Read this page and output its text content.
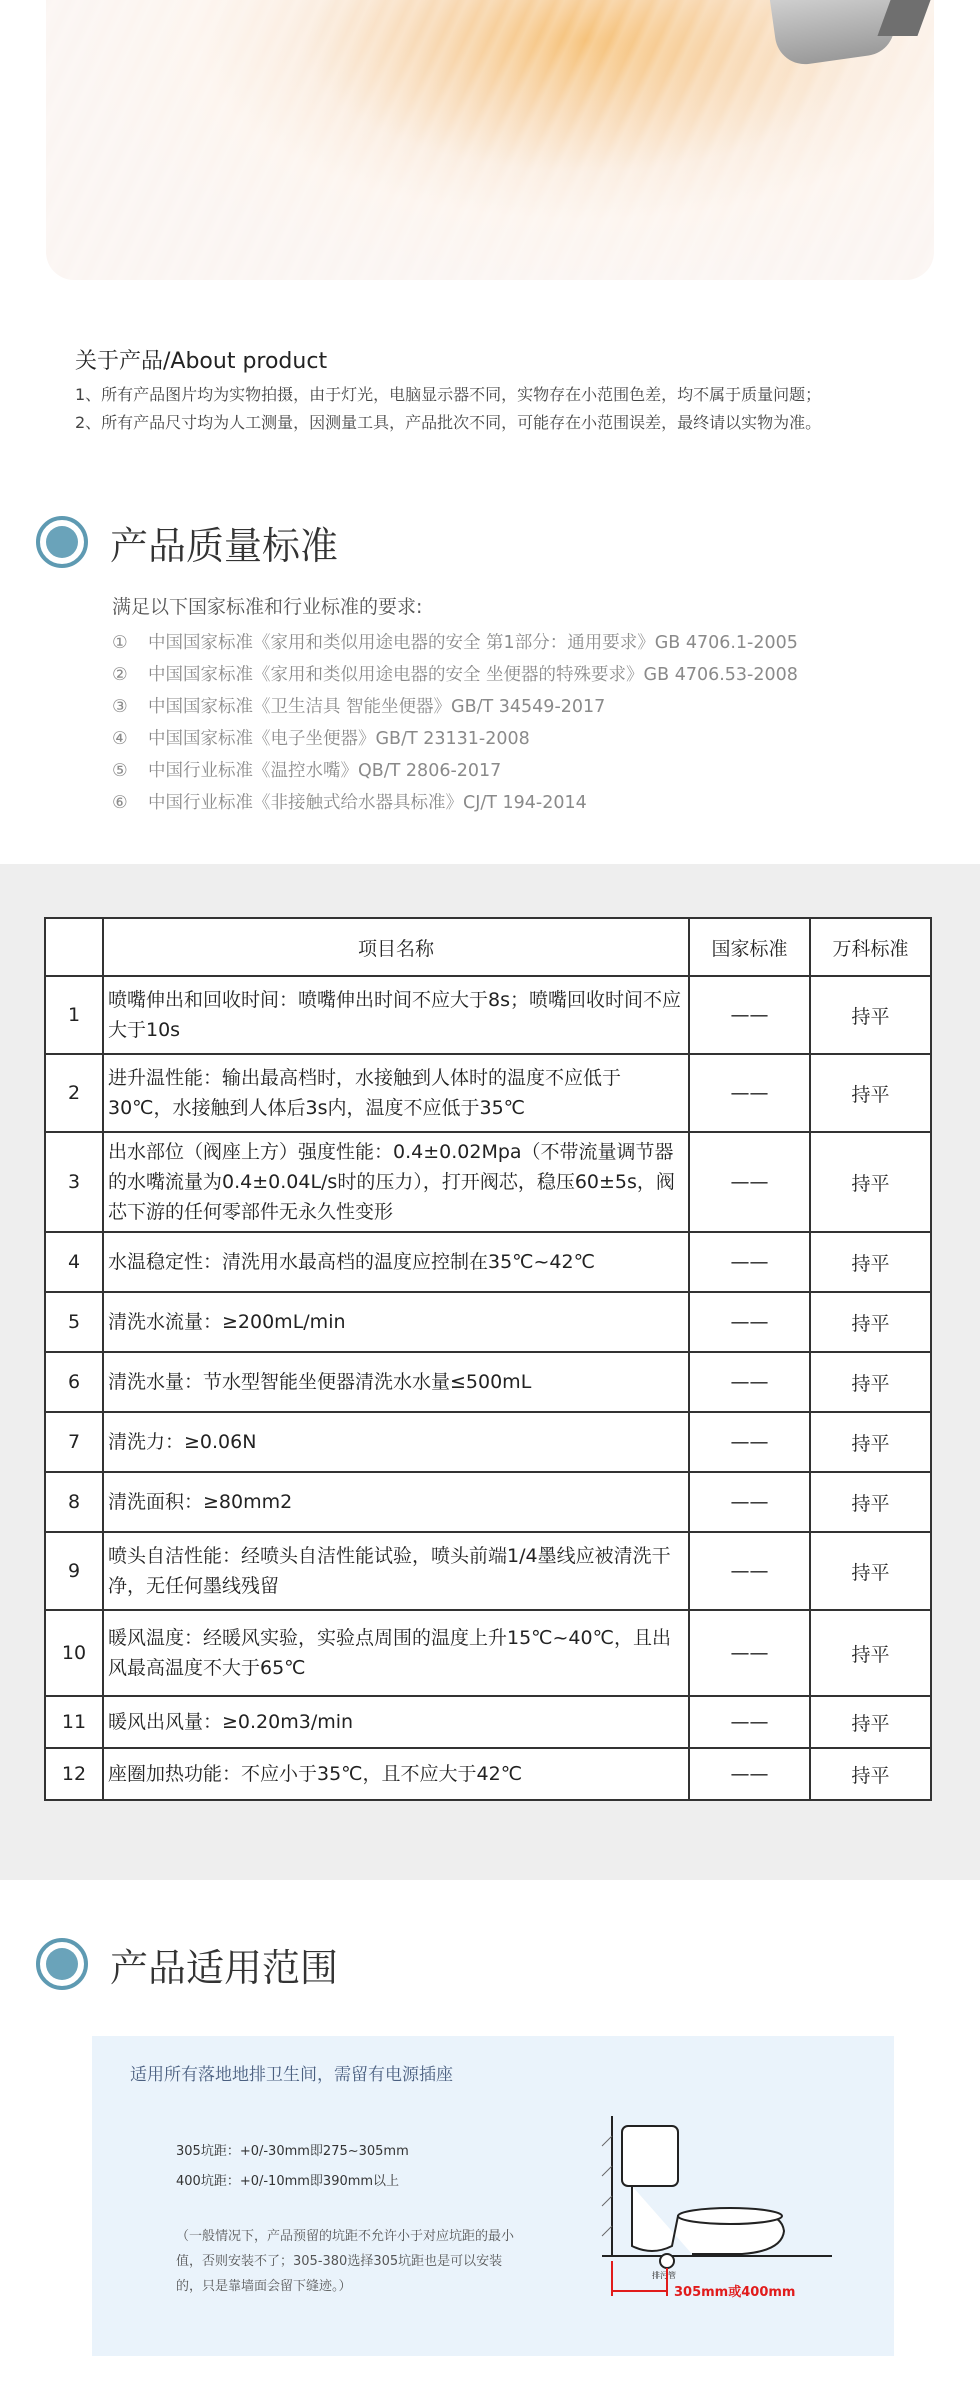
关于产品/About product

1、所有产品图片均为实物拍摄，由于灯光，电脑显示器不同，实物存在小范围色差，均不属于质量问题；

2、所有产品尺寸均为人工测量，因测量工具，产品批次不同，可能存在小范围误差，最终请以实物为准。

产品质量标准
满足以下国家标准和行业标准的要求:
① 中国国家标准《家用和类似用途电器的安全 第1部分：通用要求》GB 4706.1-2005
② 中国国家标准《家用和类似用途电器的安全 坐便器的特殊要求》GB 4706.53-2008
③ 中国国家标准《卫生洁具 智能坐便器》GB/T 34549-2017
④ 中国国家标准《电子坐便器》GB/T 23131-2008
⑤ 中国行业标准《温控水嘴》QB/T 2806-2017
⑥ 中国行业标准《非接触式给水器具标准》CJ/T 194-2014
	项目名称	国家标准	万科标准
1	喷嘴伸出和回收时间：喷嘴伸出时间不应大于8s；喷嘴回收时间不应大于10s	——	持平
2	进升温性能：输出最高档时，水接触到人体时的温度不应低于30℃，水接触到人体后3s内，温度不应低于35℃	——	持平
3	出水部位（阀座上方）强度性能：0.4±0.02Mpa（不带流量调节器的水嘴流量为0.4±0.04L/s时的压力），打开阀芯，稳压60±5s，阀芯下游的任何零部件无永久性变形	——	持平
4	水温稳定性：清洗用水最高档的温度应控制在35℃~42℃	——	持平
5	清洗水流量：≥200mL/min	——	持平
6	清洗水量：节水型智能坐便器清洗水水量≤500mL	——	持平
7	清洗力：≥0.06N	——	持平
8	清洗面积：≥80mm2	——	持平
9	喷头自洁性能：经喷头自洁性能试验，喷头前端1/4墨线应被清洗干净，无任何墨线残留	——	持平
10	暖风温度：经暖风实验，实验点周围的温度上升15℃~40℃，且出风最高温度不大于65℃	——	持平
11	暖风出风量：≥0.20m3/min	——	持平
12	座圈加热功能：不应小于35℃，且不应大于42℃	——	持平
产品适用范围
适用所有落地地排卫生间，需留有电源插座
305坑距：+0/-30mm即275~305mm
400坑距：+0/-10mm即390mm以上
（一般情况下，产品预留的坑距不允许小于对应坑距的最小值，否则安装不了；305-380选择305坑距也是可以安装的，只是靠墙面会留下缝迹。）
排污管
305mm或400mm
